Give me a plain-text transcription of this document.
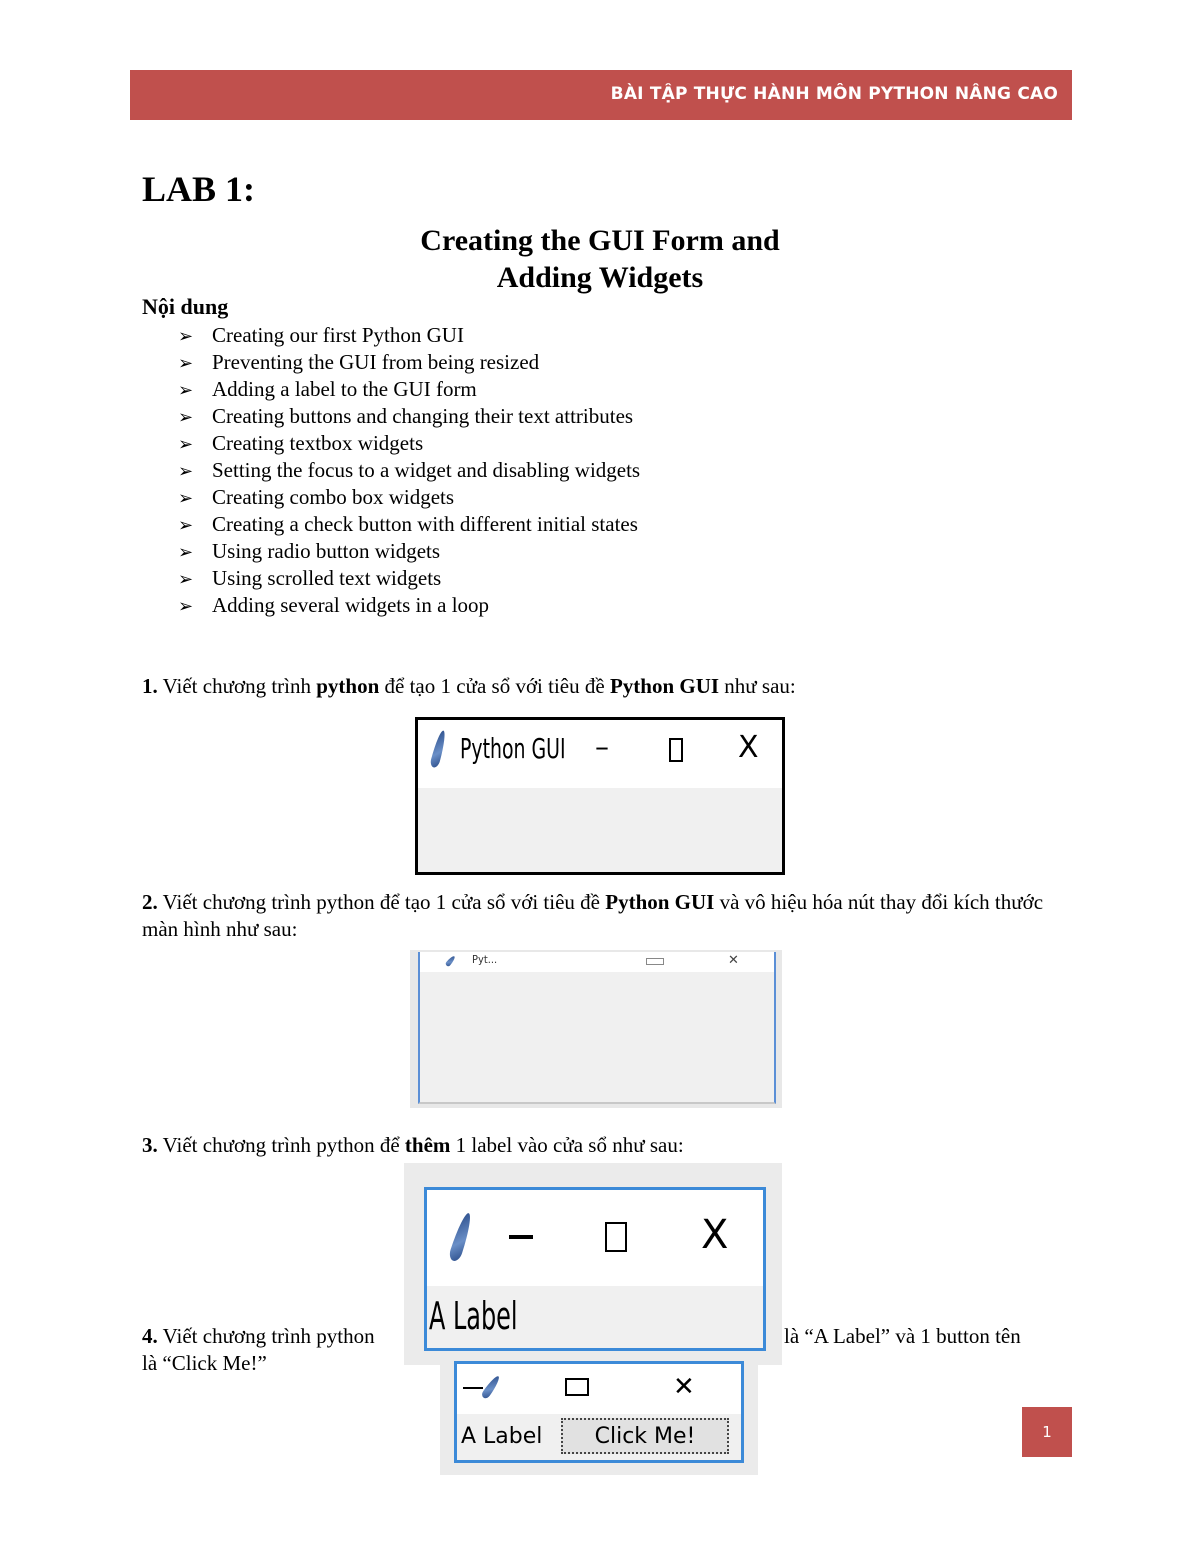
BÀI TẬP THỰC HÀNH MÔN PYTHON NÂNG CAO
LAB 1:
Creating the GUI Form and
Adding Widgets
Nội dung
➢ Creating our first Python GUI
➢ Preventing the GUI from being resized
➢ Adding a label to the GUI form
➢ Creating buttons and changing their text attributes
➢ Creating textbox widgets
➢ Setting the focus to a widget and disabling widgets
➢ Creating combo box widgets
➢ Creating a check button with different initial states
➢ Using radio button widgets
➢ Using scrolled text widgets
➢ Adding several widgets in a loop

1. Viết chương trình python để tạo 1 cửa sổ với tiêu đề Python GUI như sau:

Python GUI –	X

2. Viết chương trình python để tạo 1 cửa sổ với tiêu đề Python GUI và vô hiệu hóa nút thay đổi kích thước màn hình như sau:

Pyt...	✕

3. Viết chương trình python để thêm 1 label vào cửa sổ như sau:

4. Viết chương trình python	là “A Label” và 1 button tên

là “Click Me!”

X
A Label
✕
A Label	Click Me!	1
